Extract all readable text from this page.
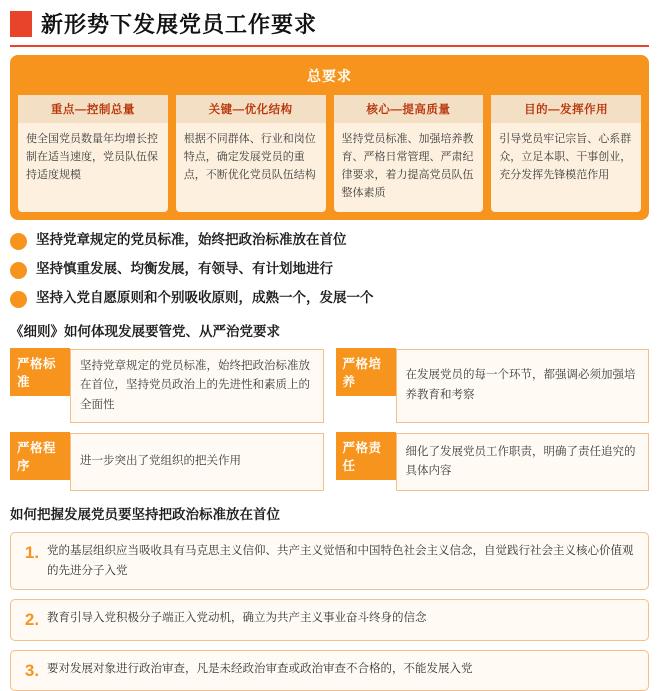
新形势下发展党员工作要求
总要求
重点—控制总量
使全国党员数量年均增长控制在适当速度，党员队伍保持适度规模
关键—优化结构
根据不同群体、行业和岗位特点，确定发展党员的重点，不断优化党员队伍结构
核心—提高质量
坚持党员标准、加强培养教育、严格日常管理、严肃纪律要求，着力提高党员队伍整体素质
目的—发挥作用
引导党员牢记宗旨、心系群众，立足本职、干事创业，充分发挥先锋模范作用
坚持党章规定的党员标准，始终把政治标准放在首位
坚持慎重发展、均衡发展，有领导、有计划地进行
坚持入党自愿原则和个别吸收原则，成熟一个，发展一个
《细则》如何体现发展要管党、从严治党要求
严格标准
坚持党章规定的党员标准，始终把政治标准放在首位，坚持党员政治上的先进性和素质上的全面性
严格培养	在发展党员的每一个环节，都强调必须加强培养教育和考察
严格程序	进一步突出了党组织的把关作用
严格责任
细化了发展党员工作职责，明确了责任追究的具体内容
如何把握发展党员要坚持把政治标准放在首位
1. 党的基层组织应当吸收具有马克思主义信仰、共产主义觉悟和中国特色社会主义信念，自觉践行社会主义核心价值观的先进分子入党
2. 教育引导入党积极分子端正入党动机，确立为共产主义事业奋斗终身的信念
3. 要对发展对象进行政治审查，凡是未经政治审查或政治审查不合格的，不能发展入党
